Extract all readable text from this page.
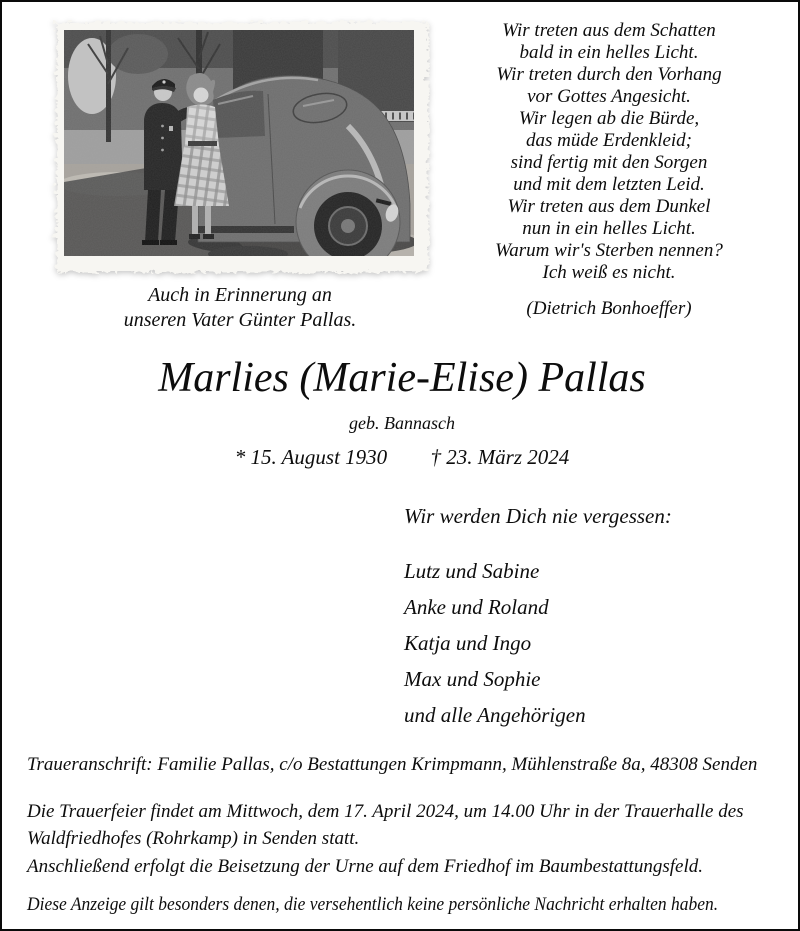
Auch in Erinnerung an
unseren Vater Günter Pallas.
Wir treten aus dem Schatten
bald in ein helles Licht.
Wir treten durch den Vorhang
vor Gottes Angesicht.
Wir legen ab die Bürde,
das müde Erdenkleid;
sind fertig mit den Sorgen
und mit dem letzten Leid.
Wir treten aus dem Dunkel
nun in ein helles Licht.
Warum wir's Sterben nennen?
Ich weiß es nicht.
(Dietrich Bonhoeffer)
Marlies (Marie-Elise) Pallas
geb. Bannasch
* 15. August 1930 † 23. März 2024

Wir werden Dich nie vergessen:

Lutz und Sabine
Anke und Roland
Katja und Ingo
Max und Sophie
und alle Angehörigen
Traueranschrift: Familie Pallas, c/o Bestattungen Krimpmann, Mühlenstraße 8a, 48308 Senden
Die Trauerfeier findet am Mittwoch, dem 17. April 2024, um 14.00 Uhr in der Trauerhalle des Waldfriedhofes (Rohrkamp) in Senden statt.
Anschließend erfolgt die Beisetzung der Urne auf dem Friedhof im Baumbestattungsfeld.
Diese Anzeige gilt besonders denen, die versehentlich keine persönliche Nachricht erhalten haben.
